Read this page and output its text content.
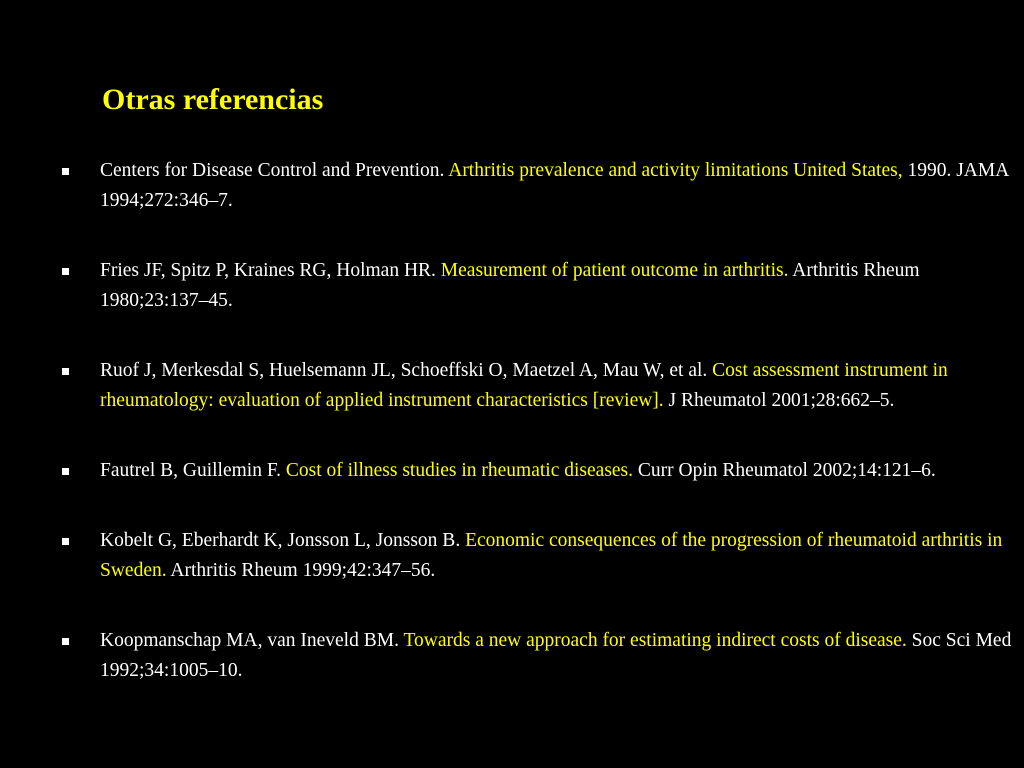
Otras referencias
Centers for Disease Control and Prevention. Arthritis prevalence and activity limitations United States, 1990. JAMA 1994;272:346–7.
Fries JF, Spitz P, Kraines RG, Holman HR. Measurement of patient outcome in arthritis. Arthritis Rheum 1980;23:137–45.
Ruof J, Merkesdal S, Huelsemann JL, Schoeffski O, Maetzel A, Mau W, et al. Cost assessment instrument in rheumatology: evaluation of applied instrument characteristics [review]. J Rheumatol 2001;28:662–5.
Fautrel B, Guillemin F. Cost of illness studies in rheumatic diseases. Curr Opin Rheumatol 2002;14:121–6.
Kobelt G, Eberhardt K, Jonsson L, Jonsson B. Economic consequences of the progression of rheumatoid arthritis in Sweden. Arthritis Rheum 1999;42:347–56.
Koopmanschap MA, van Ineveld BM. Towards a new approach for estimating indirect costs of disease. Soc Sci Med 1992;34:1005–10.
